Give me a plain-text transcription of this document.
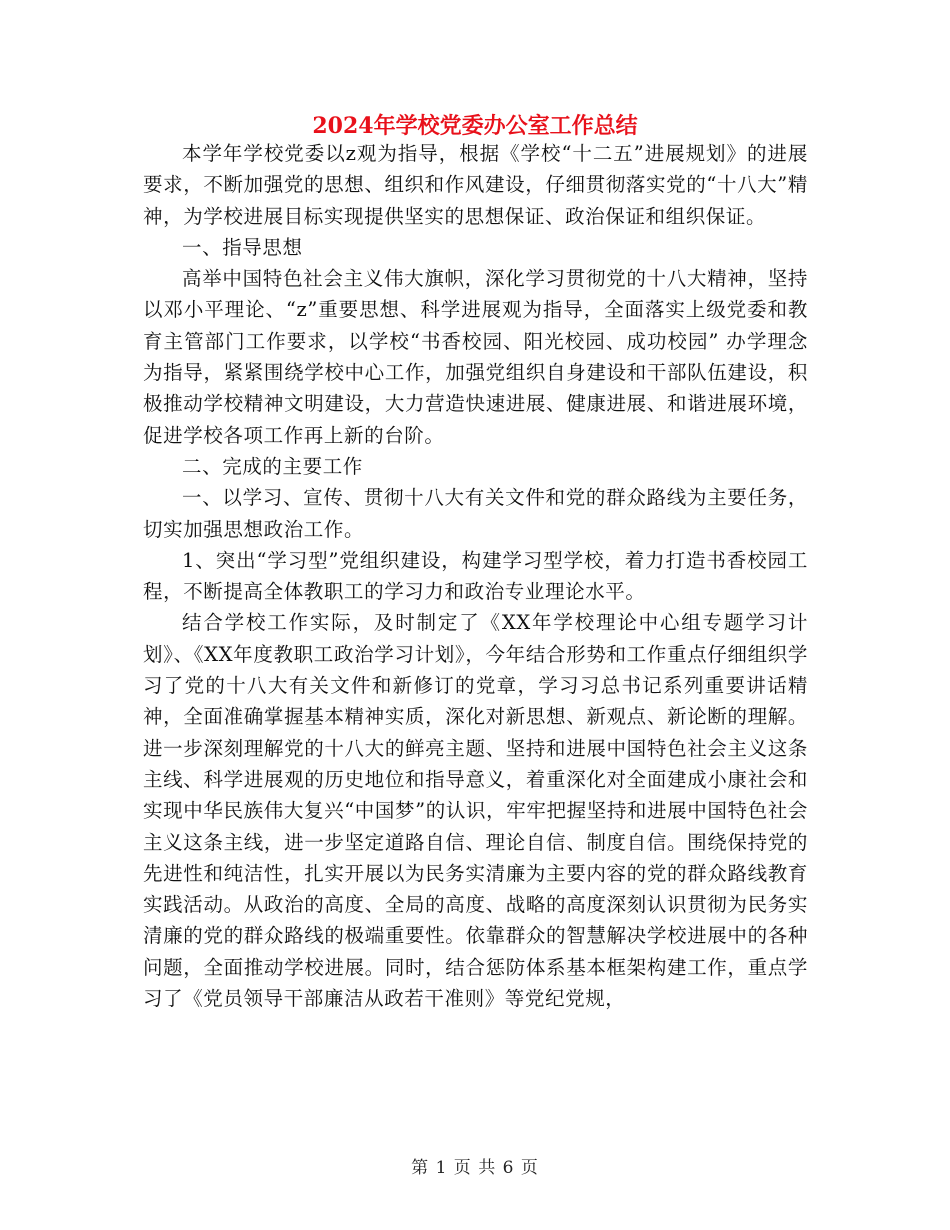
2024年学校党委办公室工作总结

本学年学校党委以z观为指导，根据《学校“十二五”进展规划》的进展要求，不断加强党的思想、组织和作风建设，仔细贯彻落实党的“十八大”精神，为学校进展目标实现提供坚实的思想保证、政治保证和组织保证。

一、指导思想

高举中国特色社会主义伟大旗帜，深化学习贯彻党的十八大精神，坚持以邓小平理论、“z”重要思想、科学进展观为指导，全面落实上级党委和教育主管部门工作要求，以学校“书香校园、阳光校园、成功校园” 办学理念为指导，紧紧围绕学校中心工作，加强党组织自身建设和干部队伍建设，积极推动学校精神文明建设，大力营造快速进展、健康进展、和谐进展环境，促进学校各项工作再上新的台阶。

二、完成的主要工作

一、以学习、宣传、贯彻十八大有关文件和党的群众路线为主要任务，切实加强思想政治工作。

1、突出“学习型”党组织建设，构建学习型学校，着力打造书香校园工程，不断提高全体教职工的学习力和政治专业理论水平。

结合学校工作实际，及时制定了《XX年学校理论中心组专题学习计划》、《XX年度教职工政治学习计划》，今年结合形势和工作重点仔细组织学习了党的十八大有关文件和新修订的党章，学习习总书记系列重要讲话精神，全面准确掌握基本精神实质，深化对新思想、新观点、新论断的理解。进一步深刻理解党的十八大的鲜亮主题、坚持和进展中国特色社会主义这条主线、科学进展观的历史地位和指导意义，着重深化对全面建成小康社会和实现中华民族伟大复兴“中国梦”的认识，牢牢把握坚持和进展中国特色社会主义这条主线，进一步坚定道路自信、理论自信、制度自信。围绕保持党的先进性和纯洁性，扎实开展以为民务实清廉为主要内容的党的群众路线教育实践活动。从政治的高度、全局的高度、战略的高度深刻认识贯彻为民务实清廉的党的群众路线的极端重要性。依靠群众的智慧解决学校进展中的各种问题，全面推动学校进展。同时，结合惩防体系基本框架构建工作，重点学习了《党员领导干部廉洁从政若干准则》等党纪党规，

第 1 页 共 6 页
